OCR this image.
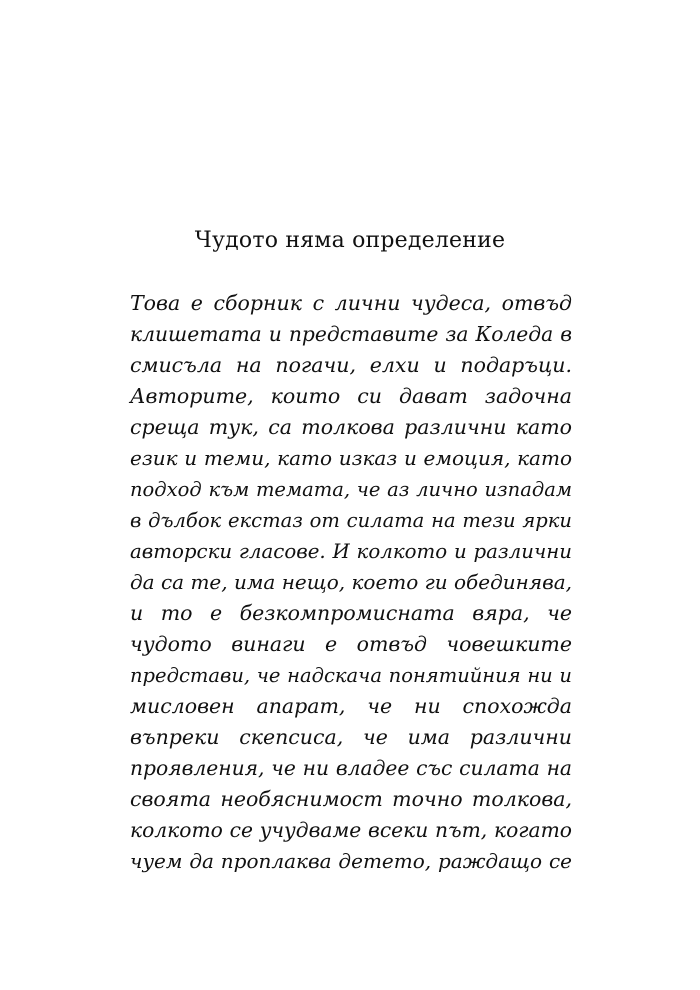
Чудото няма определение
Това е сборник с лични чудеса, отвъд
клишетата и представите за Коледа в
смисъла на погачи, елхи и подаръци.
Авторите, които си дават задочна
среща тук, са толкова различни като
език и теми, като изказ и емоция, като
подход към темата, че аз лично изпадам
в дълбок екстаз от силата на тези ярки
авторски гласове. И колкото и различни
да са те, има нещо, което ги обединява,
и то е безкомпромисната вяра, че
чудото винаги е отвъд човешките
представи, че надскача понятийния ни и
мисловен апарат, че ни спохожда
въпреки скепсиса, че има различни
проявления, че ни владее със силата на
своята необяснимост точно толкова,
колкото се учудваме всеки път, когато
чуем да проплаква детето, раждащо се
